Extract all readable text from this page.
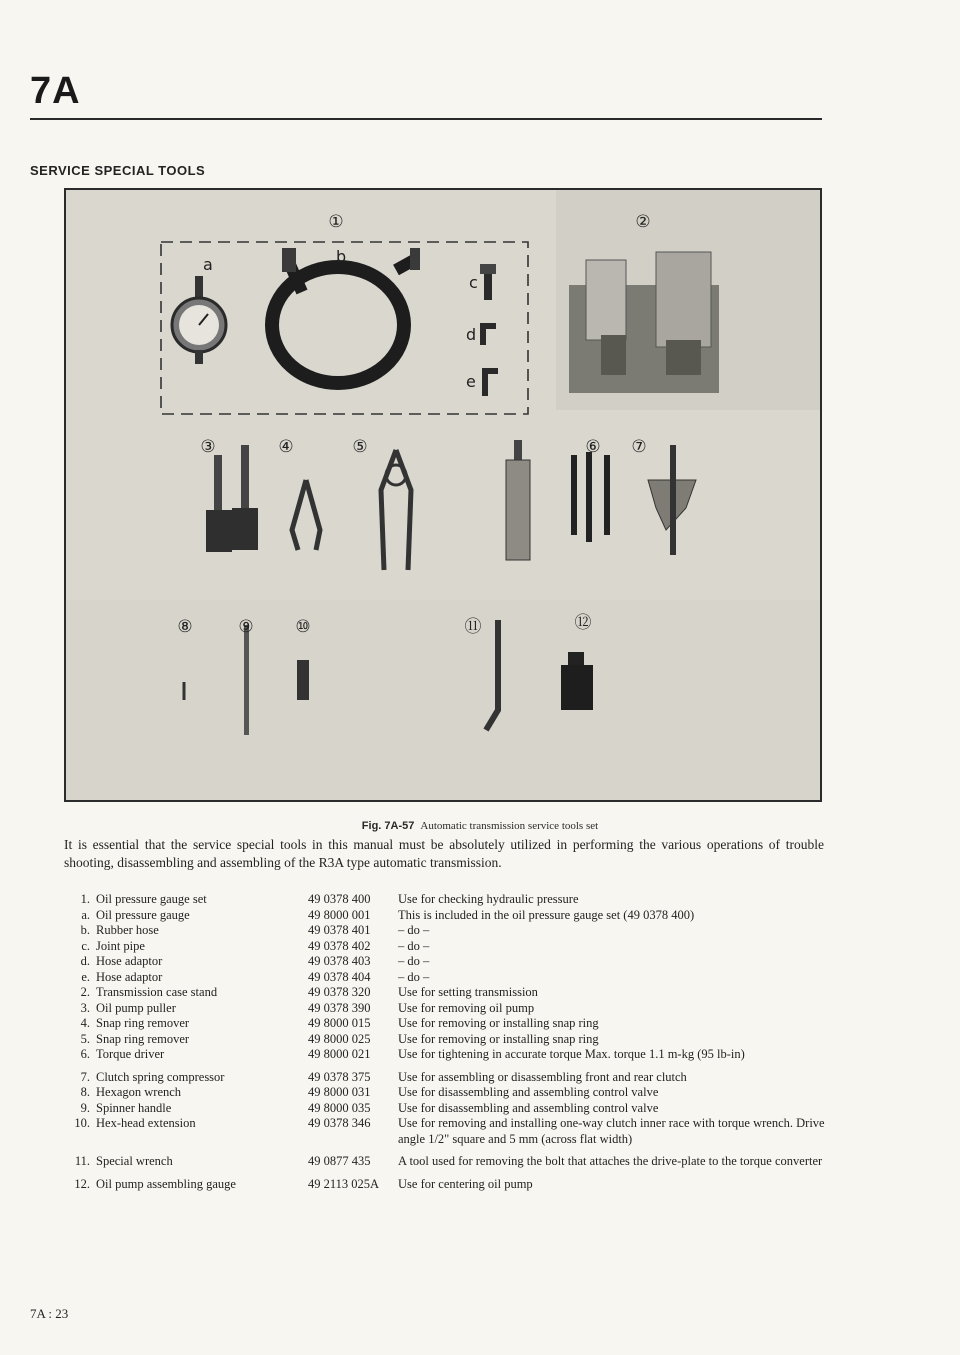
7A
SERVICE SPECIAL TOOLS
①	②
③	④	⑤	⑥ ⑦
⑧	⑨ ⑩	⑪	⑫
a	b
c
d
e
Fig. 7A-57 Automatic transmission service tools set
It is essential that the service special tools in this manual must be absolutely utilized in performing the various operations of trouble shooting, disassembling and assembling of the R3A type automatic transmission.
1.	Oil pressure gauge set	49 0378 400	Use for checking hydraulic pressure
a.	Oil pressure gauge	49 8000 001	This is included in the oil pressure gauge set (49 0378 400)
b.	Rubber hose	49 0378 401	– do –
c.	Joint pipe	49 0378 402	– do –
d.	Hose adaptor	49 0378 403	– do –
e.	Hose adaptor	49 0378 404	– do –
2.	Transmission case stand	49 0378 320	Use for setting transmission
3.	Oil pump puller	49 0378 390	Use for removing oil pump
4.	Snap ring remover	49 8000 015	Use for removing or installing snap ring
5.	Snap ring remover	49 8000 025	Use for removing or installing snap ring
6.	Torque driver	49 8000 021	Use for tightening in accurate torque Max. torque 1.1 m-kg (95 lb-in)
7.	Clutch spring compressor	49 0378 375	Use for assembling or disassembling front and rear clutch
8.	Hexagon wrench	49 8000 031	Use for disassembling and assembling control valve
9.	Spinner handle	49 8000 035	Use for disassembling and assembling control valve
10.	Hex-head extension	49 0378 346	Use for removing and installing one-way clutch inner race with torque wrench. Drive angle 1/2" square and 5 mm (across flat width)
11.	Special wrench	49 0877 435	A tool used for removing the bolt that attaches the drive-plate to the torque converter
12.	Oil pump assembling gauge	49 2113 025A	Use for centering oil pump
7A : 23
